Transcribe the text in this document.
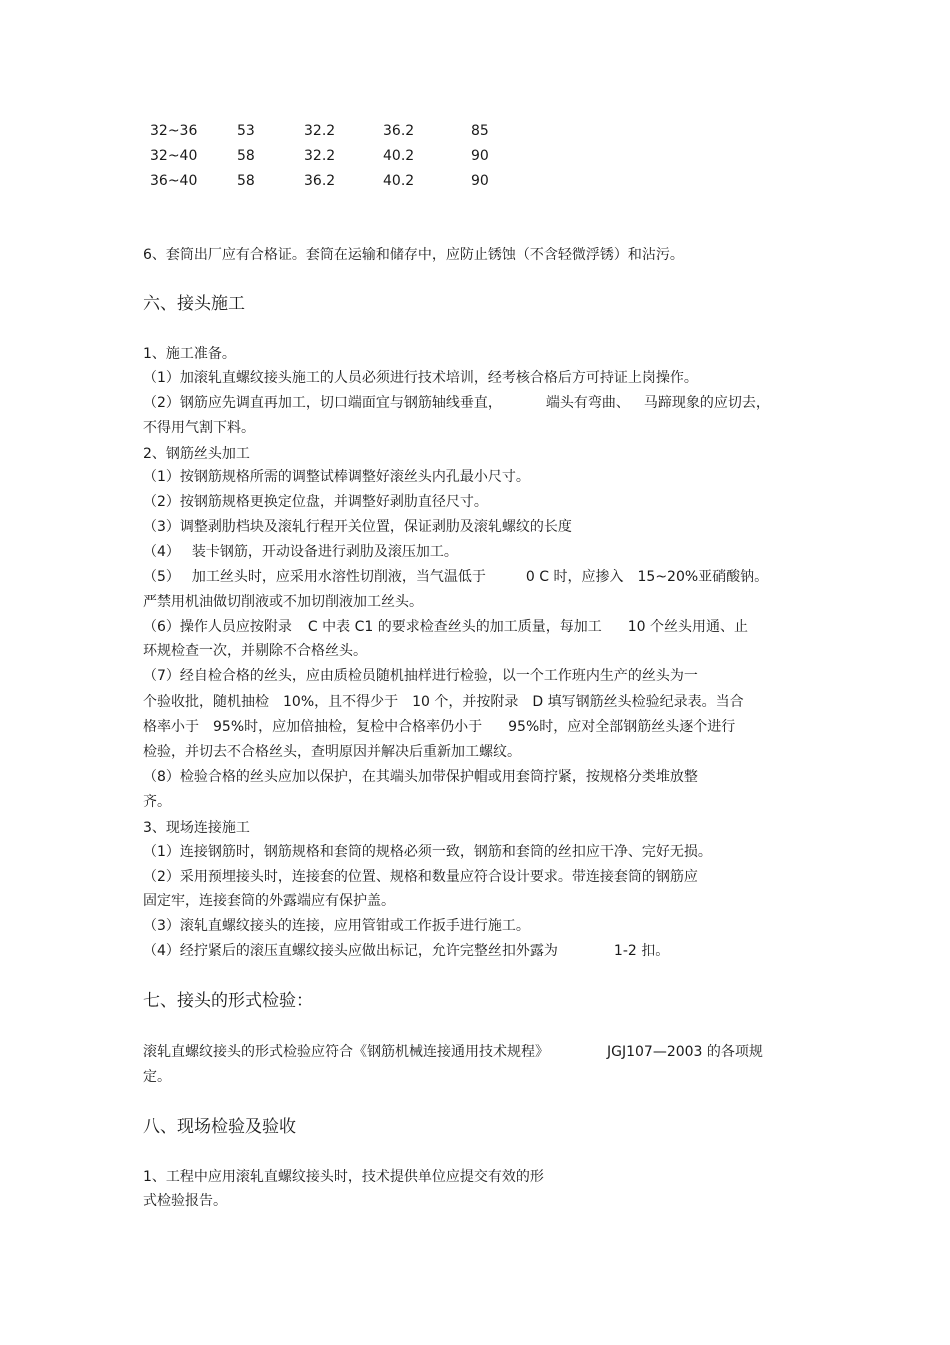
32~36	53	32.2	36.2	85
32~40	58	32.2	40.2	90
36~40	58	36.2	40.2	90
6、套筒出厂应有合格证。套筒在运输和储存中，应防止锈蚀（不含轻微浮锈）和沾污。
六、接头施工
1、施工准备。
（1）加滚轧直螺纹接头施工的人员必须进行技术培训，经考核合格后方可持证上岗操作。
（2）钢筋应先调直再加工，切口端面宜与钢筋轴线垂直，	端头有弯曲、 马蹄现象的应切去，
不得用气割下料。
2、钢筋丝头加工
（1）按钢筋规格所需的调整试棒调整好滚丝头内孔最小尺寸。
（2）按钢筋规格更换定位盘，并调整好剥肋直径尺寸。
（3）调整剥肋档块及滚轧行程开关位置，保证剥肋及滚轧螺纹的长度
（4） 装卡钢筋，开动设备进行剥肋及滚压加工。
（5） 加工丝头时，应采用水溶性切削液，当气温低于	0 C 时，应掺入 15~20%亚硝酸钠。
严禁用机油做切削液或不加切削液加工丝头。
（6）操作人员应按附录 C 中表 C1 的要求检查丝头的加工质量，每加工 10 个丝头用通、止
环规检查一次，并剔除不合格丝头。
（7）经自检合格的丝头，应由质检员随机抽样进行检验，以一个工作班内生产的丝头为一
个验收批，随机抽检 10%，且不得少于 10 个，并按附录 D 填写钢筋丝头检验纪录表。当合
格率小于 95%时，应加倍抽检，复检中合格率仍小于 95%时，应对全部钢筋丝头逐个进行
检验，并切去不合格丝头，查明原因并解决后重新加工螺纹。
（8）检验合格的丝头应加以保护，在其端头加带保护帽或用套筒拧紧，按规格分类堆放整
齐。
3、现场连接施工
（1）连接钢筋时，钢筋规格和套筒的规格必须一致，钢筋和套筒的丝扣应干净、完好无损。
（2）采用预埋接头时，连接套的位置、规格和数量应符合设计要求。带连接套筒的钢筋应
固定牢，连接套筒的外露端应有保护盖。
（3）滚轧直螺纹接头的连接，应用管钳或工作扳手进行施工。
（4）经拧紧后的滚压直螺纹接头应做出标记，允许完整丝扣外露为	1-2 扣。
七、接头的形式检验：
滚轧直螺纹接头的形式检验应符合《钢筋机械连接通用技术规程》	JGJ107—2003 的各项规
定。
八、现场检验及验收
1、工程中应用滚轧直螺纹接头时，技术提供单位应提交有效的形
式检验报告。
